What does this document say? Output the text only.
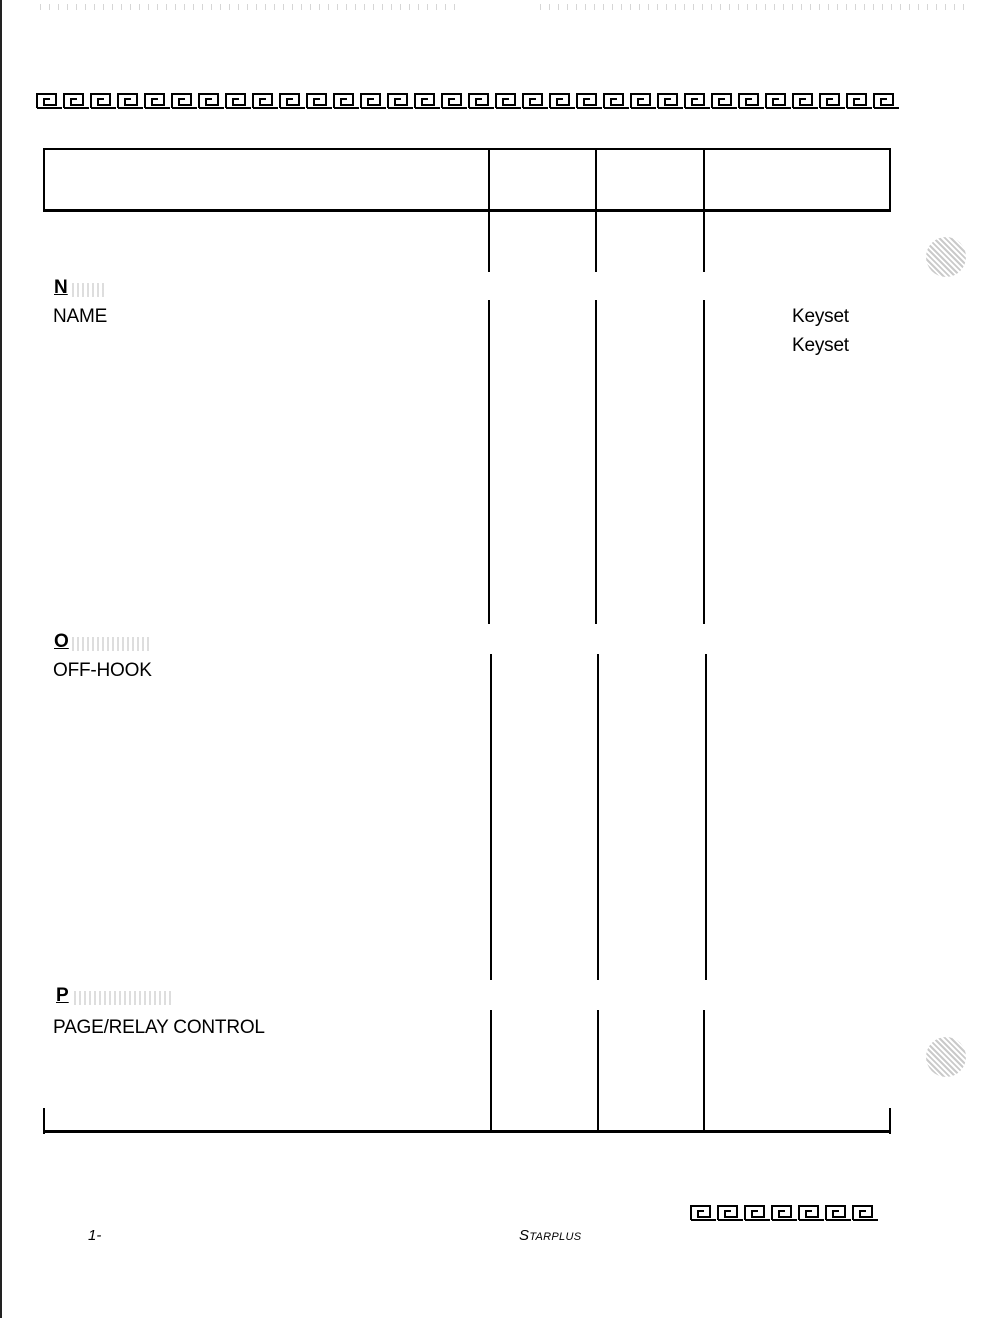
N
NAME	Keyset
Keyset
O
OFF-HOOK
P
PAGE/RELAY CONTROL
1-	STARPLUS
